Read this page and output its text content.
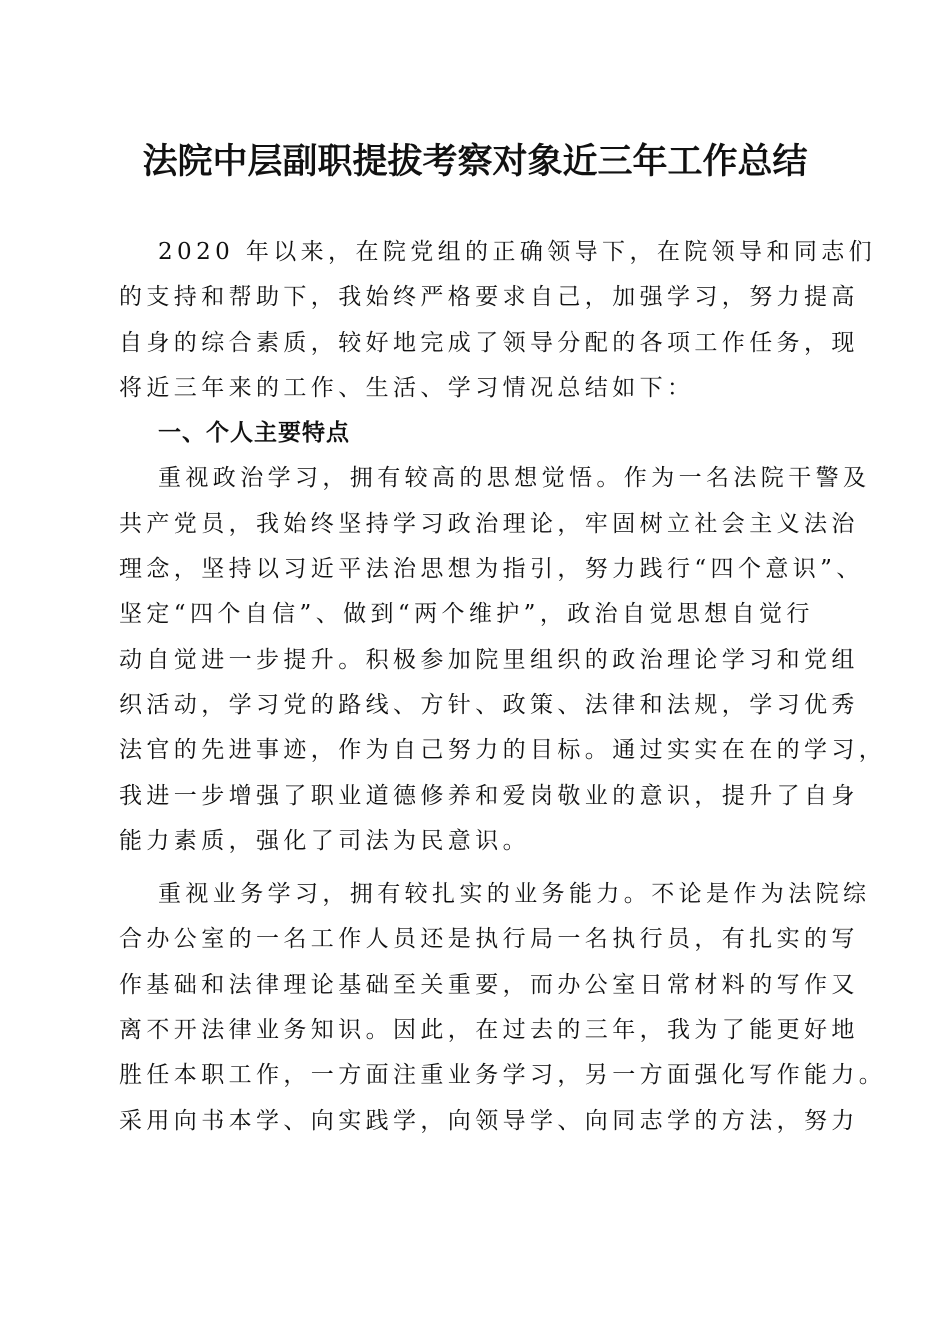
法院中层副职提拔考察对象近三年工作总结
2020 年以来，在院党组的正确领导下，在院领导和同志们
的支持和帮助下，我始终严格要求自己，加强学习，努力提高
自身的综合素质，较好地完成了领导分配的各项工作任务，现
将近三年来的工作、生活、学习情况总结如下：
一、个人主要特点
重视政治学习，拥有较高的思想觉悟。作为一名法院干警及
共产党员，我始终坚持学习政治理论，牢固树立社会主义法治
理念，坚持以习近平法治思想为指引，努力践行“四个意识”、
坚定“四个自信”、做到“两个维护”，政治自觉思想自觉行
动自觉进一步提升。积极参加院里组织的政治理论学习和党组
织活动，学习党的路线、方针、政策、法律和法规，学习优秀
法官的先进事迹，作为自己努力的目标。通过实实在在的学习，
我进一步增强了职业道德修养和爱岗敬业的意识，提升了自身
能力素质，强化了司法为民意识。
重视业务学习，拥有较扎实的业务能力。不论是作为法院综
合办公室的一名工作人员还是执行局一名执行员，有扎实的写
作基础和法律理论基础至关重要，而办公室日常材料的写作又
离不开法律业务知识。因此，在过去的三年，我为了能更好地
胜任本职工作，一方面注重业务学习，另一方面强化写作能力。
采用向书本学、向实践学，向领导学、向同志学的方法，努力
